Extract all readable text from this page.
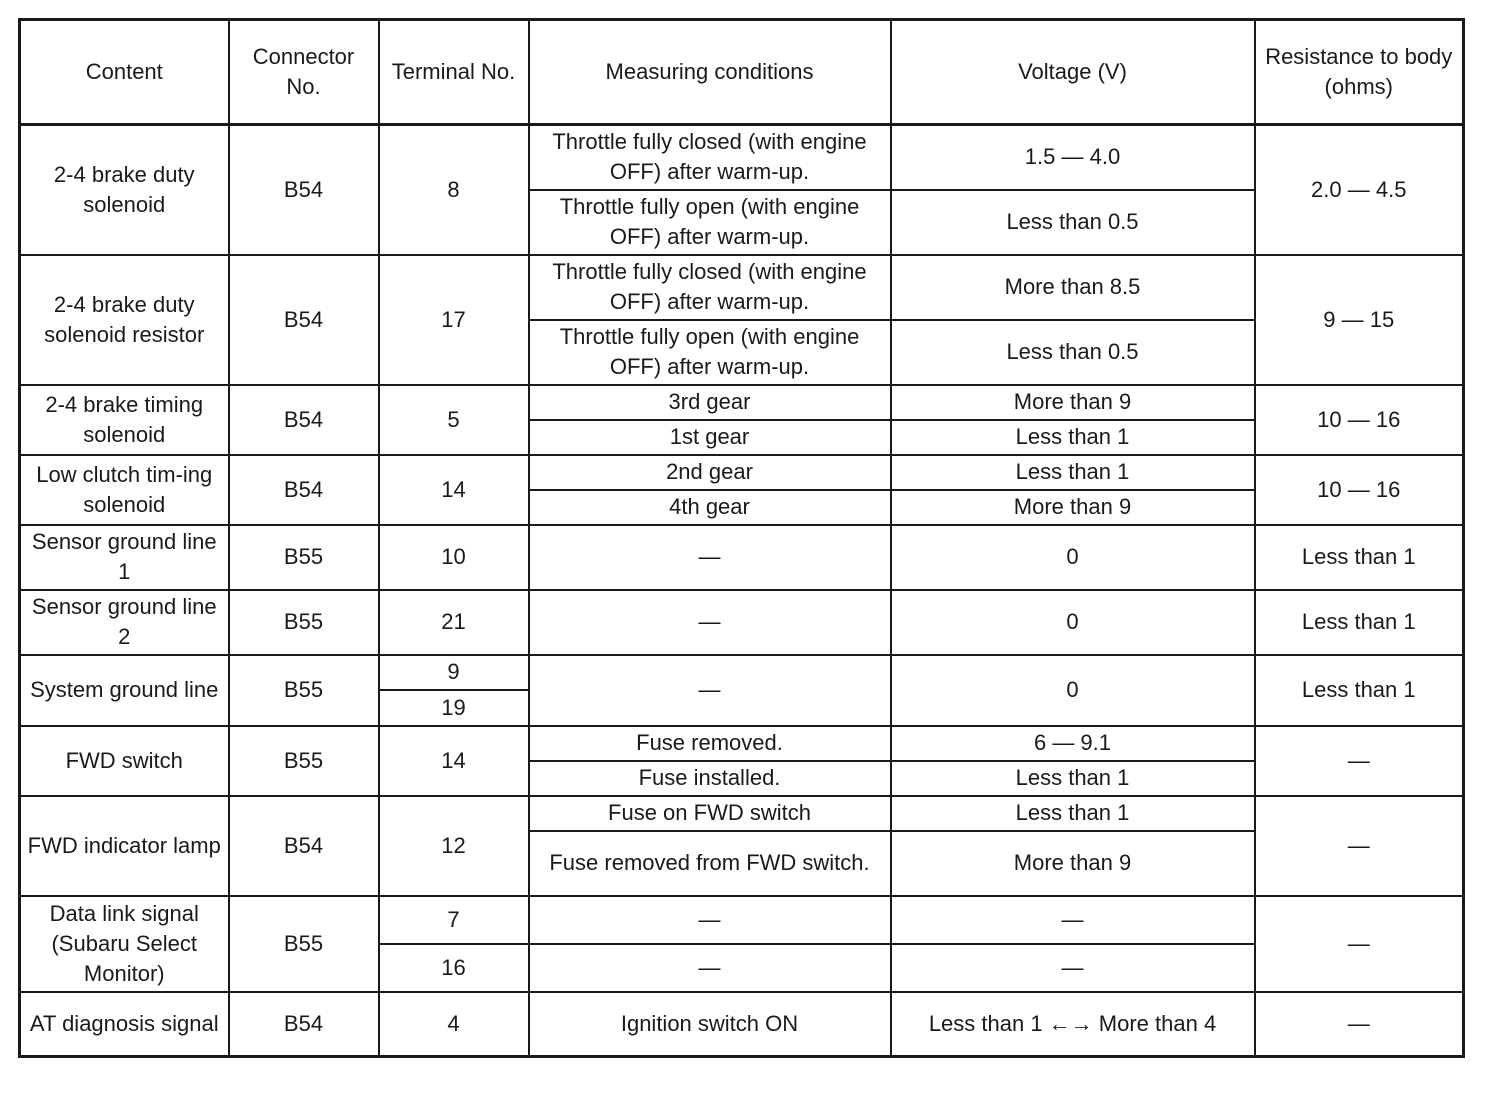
Content	Connector No.	Terminal No.	Measuring conditions	Voltage (V)	Resistance to body (ohms)
2-4 brake duty solenoid	B54	8	Throttle fully closed (with engine OFF) after warm-up.	1.5 — 4.0	2.0 — 4.5
			Throttle fully open (with engine OFF) after warm-up.	Less than 0.5	
2-4 brake duty solenoid resistor	B54	17	Throttle fully closed (with engine OFF) after warm-up.	More than 8.5	9 — 15
			Throttle fully open (with engine OFF) after warm-up.	Less than 0.5	
2-4 brake timing solenoid	B54	5	3rd gear	More than 9	10 — 16
			1st gear	Less than 1	
Low clutch tim-ing solenoid	B54	14	2nd gear	Less than 1	10 — 16
			4th gear	More than 9	
Sensor ground line 1	B55	10	—	0	Less than 1
Sensor ground line 2	B55	21	—	0	Less than 1
System ground line	B55	9	—	0	Less than 1
		19			
FWD switch	B55	14	Fuse removed.	6 — 9.1	—
			Fuse installed.	Less than 1	
FWD indicator lamp	B54	12	Fuse on FWD switch	Less than 1	—
			Fuse removed from FWD switch.	More than 9	
Data link signal (Subaru Select Monitor)	B55	7	—	—	—
		16	—	—	
AT diagnosis signal	B54	4	Ignition switch ON	Less than 1 ←→ More than 4	—
